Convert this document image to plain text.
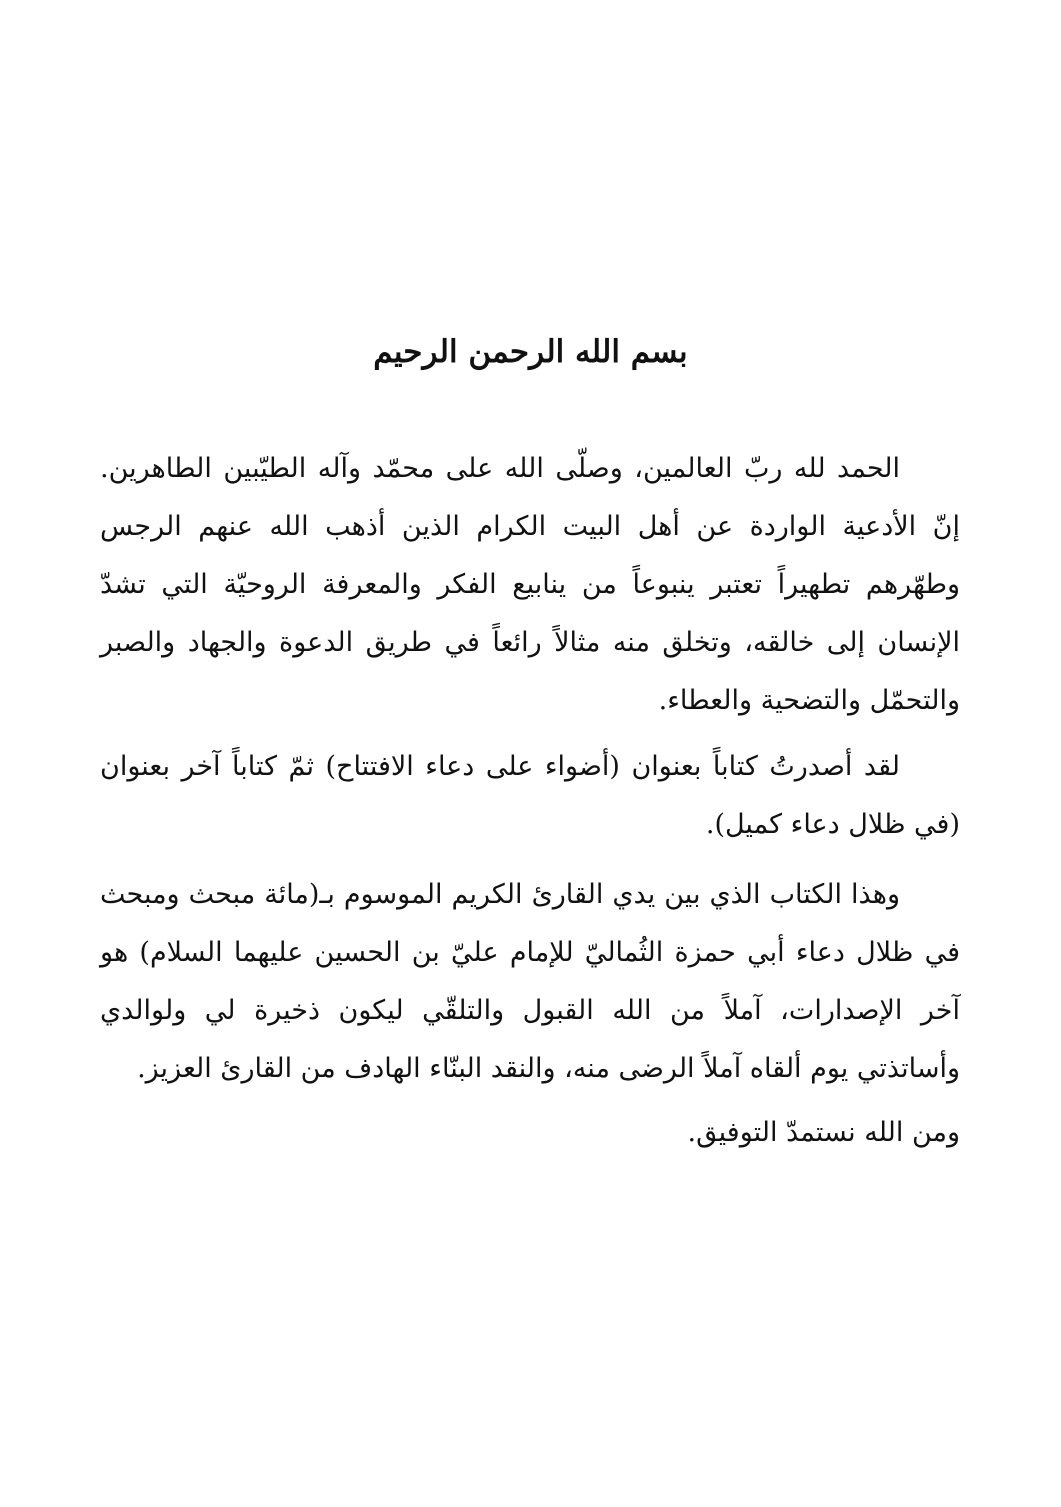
بسم الله الرحمن الرحيم

الحمد لله ربّ العالمين، وصلّى الله على محمّد وآله الطيّبين الطاهرين. إنّ الأدعية الواردة عن أهل البيت الكرام الذين أذهب الله عنهم الرجس وطهّرهم تطهيراً تعتبر ينبوعاً من ينابيع الفكر والمعرفة الروحيّة التي تشدّ الإنسان إلى خالقه، وتخلق منه مثالاً رائعاً في طريق الدعوة والجهاد والصبر والتحمّل والتضحية والعطاء.

لقد أصدرتُ كتاباً بعنوان (أضواء على دعاء الافتتاح) ثمّ كتاباً آخر بعنوان (في ظلال دعاء كميل).

وهذا الكتاب الذي بين يدي القارئ الكريم الموسوم بـ(مائة مبحث ومبحث في ظلال دعاء أبي حمزة الثُماليّ للإمام عليّ بن الحسين عليهما السلام) هو آخر الإصدارات، آملاً من الله القبول والتلقّي ليكون ذخيرة لي ولوالدي وأساتذتي يوم ألقاه آملاً الرضى منه، والنقد البنّاء الهادف من القارئ العزيز.

ومن الله نستمدّ التوفيق.
